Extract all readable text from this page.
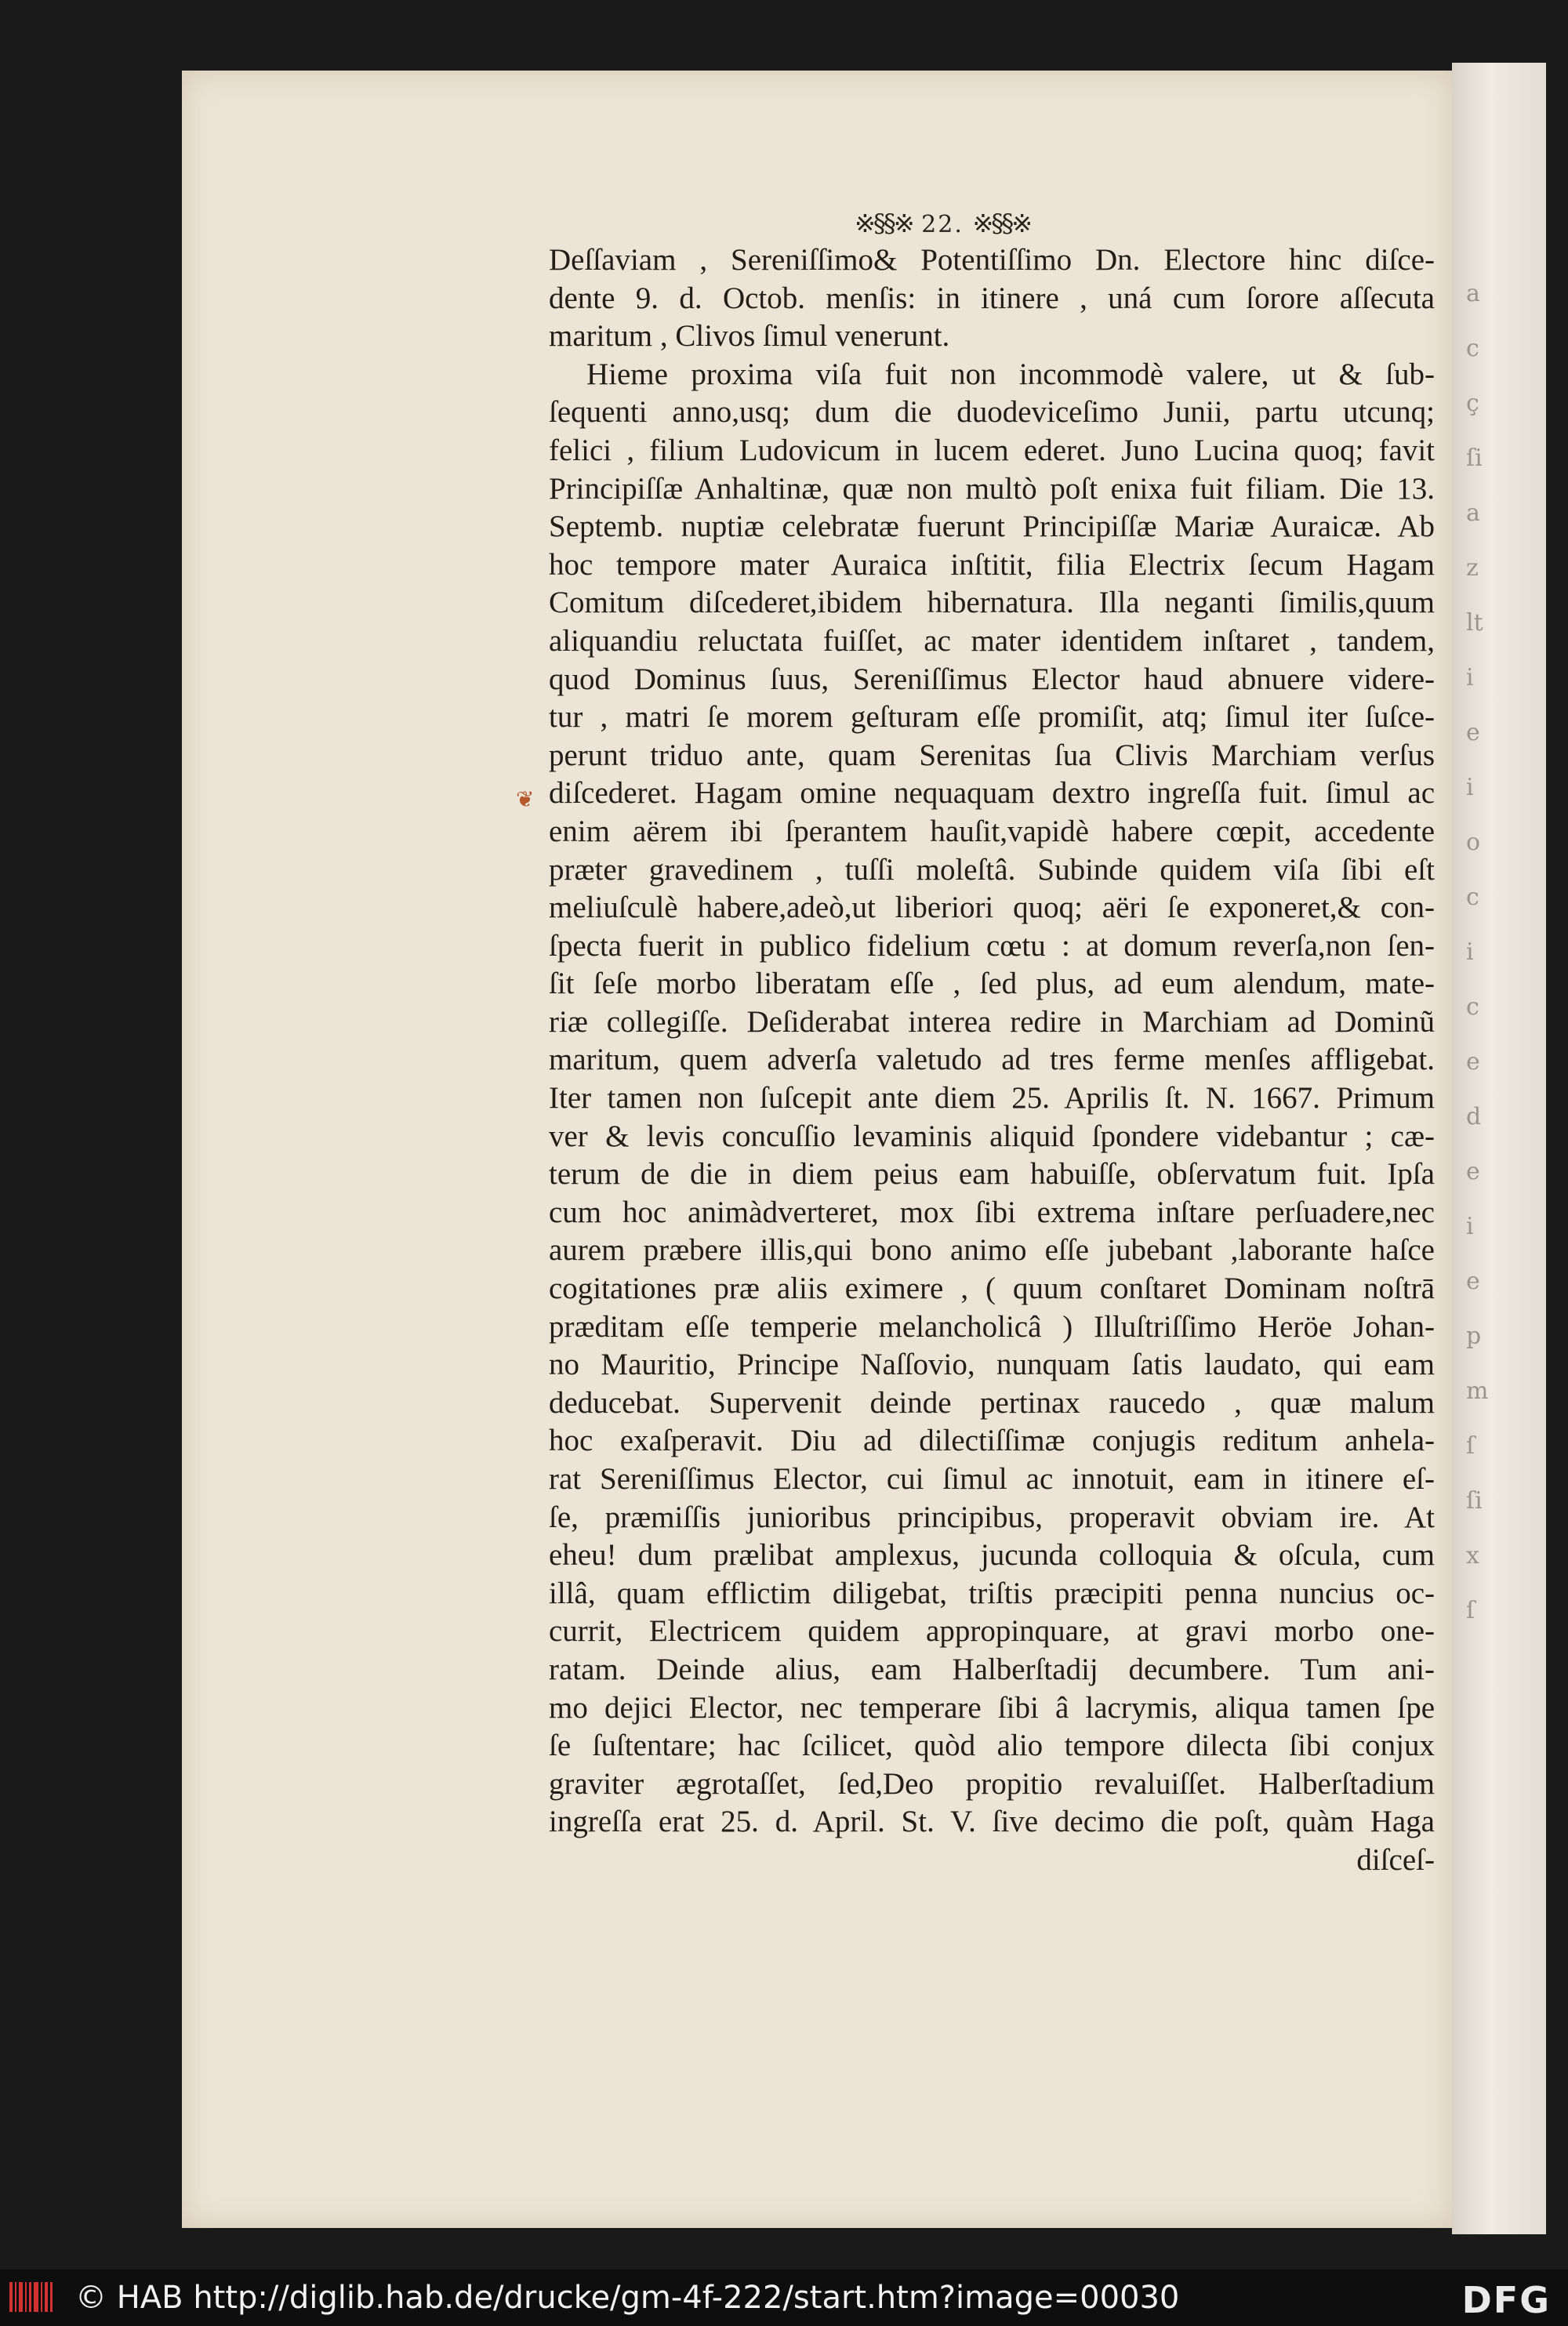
a
c
ç
ſi
a
z
lt
i
e
i
o
c
i
c
e
d
e
i
e
p
m
ſ
ſi
x
ſ
※§§※ 22. ※§§※
❦
Deſſaviam , Sereniſſimo& Potentiſſimo Dn. Electore hinc diſce-
dente 9. d. Octob. menſis: in itinere , uná cum ſorore aſſecuta
maritum , Clivos ſimul venerunt.
Hieme proxima viſa fuit non incommodè valere, ut & ſub-
ſequenti anno,usq; dum die duodeviceſimo Junii, partu utcunq;
felici , filium Ludovicum in lucem ederet. Juno Lucina quoq; favit
Principiſſæ Anhaltinæ, quæ non multò poſt enixa fuit filiam. Die 13.
Septemb. nuptiæ celebratæ fuerunt Principiſſæ Mariæ Auraicæ. Ab
hoc tempore mater Auraica inſtitit, filia Electrix ſecum Hagam
Comitum diſcederet,ibidem hibernatura. Illa neganti ſimilis,quum
aliquandiu reluctata fuiſſet, ac mater identidem inſtaret , tandem,
quod Dominus ſuus, Sereniſſimus Elector haud abnuere videre-
tur , matri ſe morem geſturam eſſe promiſit, atq; ſimul iter ſuſce-
perunt triduo ante, quam Serenitas ſua Clivis Marchiam verſus
diſcederet. Hagam omine nequaquam dextro ingreſſa fuit. ſimul ac
enim aërem ibi ſperantem hauſit,vapidè habere cœpit, accedente
præter gravedinem , tuſſi moleſtâ. Subinde quidem viſa ſibi eſt
meliuſculè habere,adeò,ut liberiori quoq; aëri ſe exponeret,& con-
ſpecta fuerit in publico fidelium cœtu : at domum reverſa,non ſen-
ſit ſeſe morbo liberatam eſſe , ſed plus, ad eum alendum, mate-
riæ collegiſſe. Deſiderabat interea redire in Marchiam ad Dominũ
maritum, quem adverſa valetudo ad tres ferme menſes affligebat.
Iter tamen non ſuſcepit ante diem 25. Aprilis ſt. N. 1667. Primum
ver & levis concuſſio levaminis aliquid ſpondere videbantur ; cæ-
terum de die in diem peius eam habuiſſe, obſervatum fuit. Ipſa
cum hoc animàdverteret, mox ſibi extrema inſtare perſuadere,nec
aurem præbere illis,qui bono animo eſſe jubebant ,laborante haſce
cogitationes præ aliis eximere , ( quum conſtaret Dominam noſtrā
præditam eſſe temperie melancholicâ ) Illuſtriſſimo Heröe Johan-
no Mauritio, Principe Naſſovio, nunquam ſatis laudato, qui eam
deducebat. Supervenit deinde pertinax raucedo , quæ malum
hoc exaſperavit. Diu ad dilectiſſimæ conjugis reditum anhela-
rat Sereniſſimus Elector, cui ſimul ac innotuit, eam in itinere eſ-
ſe, præmiſſis junioribus principibus, properavit obviam ire. At
eheu! dum prælibat amplexus, jucunda colloquia & oſcula, cum
illâ, quam efflictim diligebat, triſtis præcipiti penna nuncius oc-
currit, Electricem quidem appropinquare, at gravi morbo one-
ratam. Deinde alius, eam Halberſtadij decumbere. Tum ani-
mo dejici Elector, nec temperare ſibi â lacrymis, aliqua tamen ſpe
ſe ſuſtentare; hac ſcilicet, quòd alio tempore dilecta ſibi conjux
graviter ægrotaſſet, ſed,Deo propitio revaluiſſet. Halberſtadium
ingreſſa erat 25. d. April. St. V. ſive decimo die poſt, quàm Haga
diſceſ-
© HAB http://diglib.hab.de/drucke/gm-4f-222/start.htm?image=00030	DFG
